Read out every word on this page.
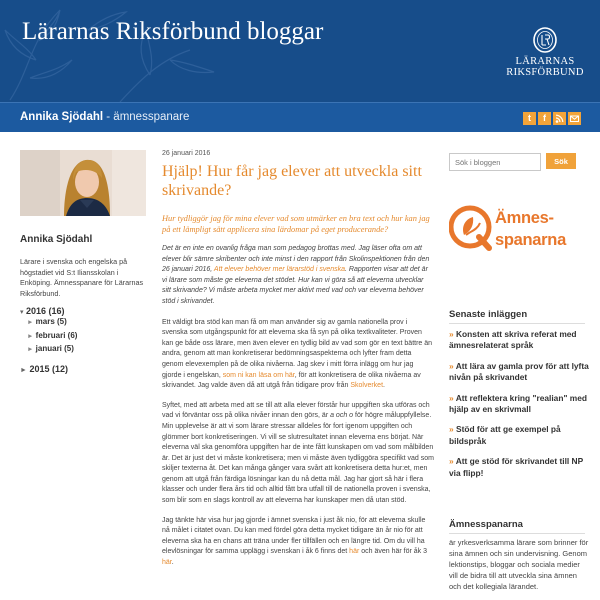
Lärarnas Riksförbund bloggar
LÄRARNAS
RIKSFÖRBUND
Annika Sjödahl - ämnesspanare	t	f
Annika Sjödahl
Lärare i svenska och engelska på högstadiet vid S:t Iliansskolan i Enköping. Ämnesspanare för Lärarnas Riksförbund.
▾ 2016 (16)
► mars (5)
► februari (6)
► januari (5)
► 2015 (12)
26 januari 2016
Hjälp! Hur får jag elever att utveckla sitt skrivande?
Hur tydliggör jag för mina elever vad som utmärker en bra text och hur kan jag på ett lämpligt sätt applicera sina lärdomar på eget producerande?

Det är en inte en ovanlig fråga man som pedagog brottas med. Jag läser ofta om att elever blir sämre skribenter och inte minst i den rapport från Skolinspektionen från den 26 januari 2016, Att elever behöver mer lärarstöd i svenska. Rapporten visar att det är vi lärare som måste ge eleverna det stödet. Hur kan vi göra så att eleverna utvecklar sitt skrivande? Vi måste arbeta mycket mer aktivt med vad och var eleverna behöver stöd i skrivandet.

Ett väldigt bra stöd kan man få om man använder sig av gamla nationella prov i svenska som utgångspunkt för att eleverna ska få syn på olika textkvaliteter. Proven kan ge både oss lärare, men även elever en tydlig bild av vad som gör en text bättre än andra, genom att man konkretiserar bedömningsaspekterna och lyfter fram detta genom elevexemplen på de olika nivåerna. Jag skev i mitt förra inlägg om hur jag gjorde i engelskan, som ni kan läsa om här, för att konkretisera de olika nivåerna av skrivandet. Jag valde även då att utgå från tidigare prov från Skolverket.

Syftet, med att arbeta med att se till att alla elever förstår hur uppgiften ska utföras och vad vi förväntar oss på olika nivåer innan den görs, är a och o för högre måluppfyllelse. Min upplevelse är att vi som lärare stressar alldeles för fort igenom uppgiften och glömmer bort konkretiseringen. Vi vill se slutresultatet innan eleverna ens börjat. När eleverna väl ska genomföra uppgiften har de inte fått kunskapen om vad som målbilden är. Det är just det vi måste konkretisera; men vi måste även tydliggöra specifikt vad som skiljer texterna åt. Det kan många gånger vara svårt att konkretisera detta hur:et, men genom att utgå från färdiga lösningar kan du nå detta mål. Jag har gjort så här i flera klasser och under flera års tid och alltid fått bra utfall till de nationella proven i svenska, som blir som en slags kontroll av att eleverna har kunskaper men då utan stöd.

Jag tänkte här visa hur jag gjorde i ämnet svenska i just åk nio, för att eleverna skulle nå målet i citatet ovan. Du kan med fördel göra detta mycket tidigare än år nio för att eleverna ska ha en chans att träna under fler tillfällen och en längre tid. Om du vill ha elevlösningar för samma upplägg i svenskan i åk 6 finns det här och även här för åk 3 här.

Sök i bloggen
Sök
Ämnes-
spanarna
Senaste inläggen
» Konsten att skriva referat med ämnesrelaterat språk
» Att lära av gamla prov för att lyfta nivån på skrivandet
» Att reflektera kring "realian" med hjälp av en skrivmall
» Stöd för att ge exempel på bildspråk
» Att ge stöd för skrivandet till NP via flipp!
Ämnesspanarna
är yrkesverksamma lärare som brinner för sina ämnen och sin undervisning. Genom lektionstips, bloggar och sociala medier vill de bidra till att utveckla sina ämnen och det kollegiala lärandet.
